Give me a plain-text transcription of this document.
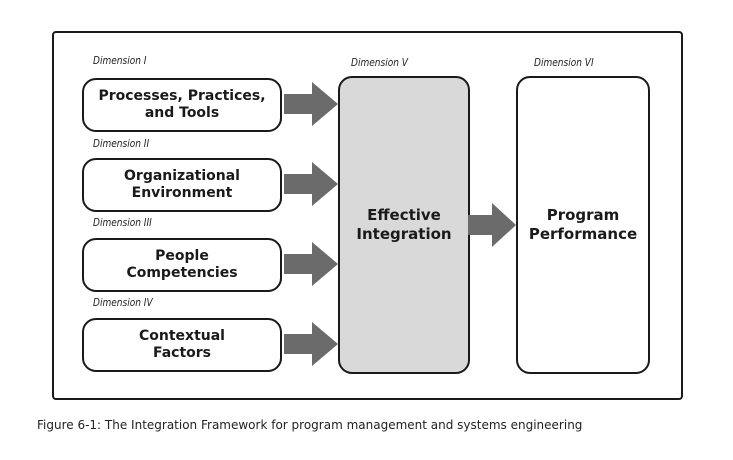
Dimension I
Dimension II
Dimension III
Dimension IV
Dimension V	Dimension VI
Processes, Practices,
and Tools
Organizational
Environment
People
Competencies
Contextual
Factors
Effective
Integration
Program
Performance
Figure 6-1: The Integration Framework for program management and systems engineering
